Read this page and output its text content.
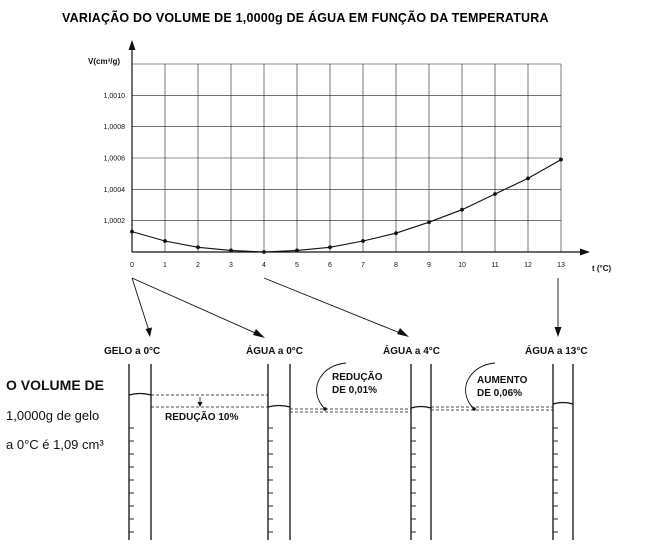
VARIAÇÃO DO VOLUME DE 1,0000g DE ÁGUA EM FUNÇÃO DA TEMPERATURA
V(cm³/g)
t (°C)
0	1	2	3	4	5	6	7	8	9	10	11	12	13
1,0002
1,0004
1,0006
1,0008
1,0010
GELO a 0°C	ÁGUA a 0°C	ÁGUA a 4°C	ÁGUA a 13°C
REDUÇÃO 10%
REDUÇÃO
DE 0,01%
AUMENTO
DE 0,06%
O VOLUME DE
1,0000g de gelo
a 0°C é 1,09 cm³
